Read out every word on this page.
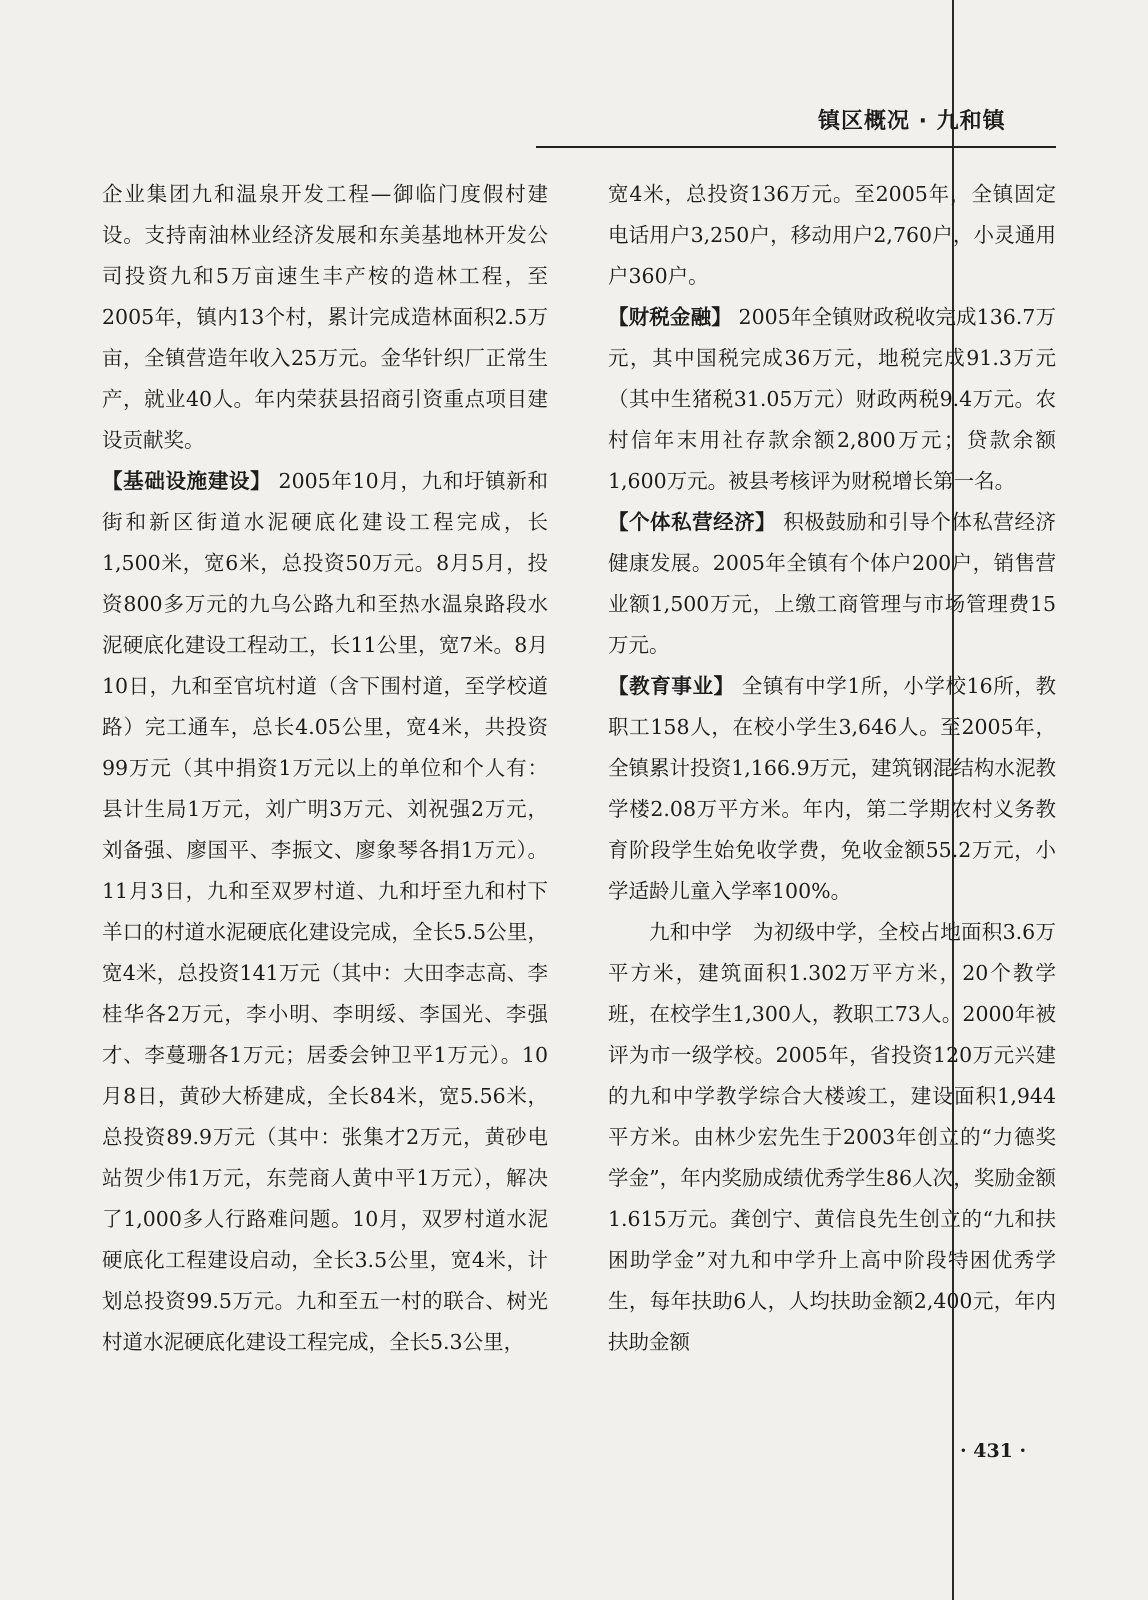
镇区概况 · 九和镇

企业集团九和温泉开发工程—御临门度假村建设。支持南油林业经济发展和东美基地林开发公司投资九和5万亩速生丰产桉的造林工程，至2005年，镇内13个村，累计完成造林面积2.5万亩，全镇营造年收入25万元。金华针织厂正常生产，就业40人。年内荣获县招商引资重点项目建设贡献奖。

【基础设施建设】 2005年10月，九和圩镇新和街和新区街道水泥硬底化建设工程完成，长1,500米，宽6米，总投资50万元。8月5月，投资800多万元的九乌公路九和至热水温泉路段水泥硬底化建设工程动工，长11公里，宽7米。8月10日，九和至官坑村道（含下围村道，至学校道路）完工通车，总长4.05公里，宽4米，共投资99万元（其中捐资1万元以上的单位和个人有：县计生局1万元，刘广明3万元、刘祝强2万元，刘备强、廖国平、李振文、廖象琴各捐1万元）。11月3日，九和至双罗村道、九和圩至九和村下羊口的村道水泥硬底化建设完成，全长5.5公里，宽4米，总投资141万元（其中：大田李志高、李桂华各2万元，李小明、李明绥、李国光、李强才、李蔓珊各1万元；居委会钟卫平1万元）。10月8日，黄砂大桥建成，全长84米，宽5.56米，总投资89.9万元（其中：张集才2万元，黄砂电站贺少伟1万元，东莞商人黄中平1万元），解决了1,000多人行路难问题。10月，双罗村道水泥硬底化工程建设启动，全长3.5公里，宽4米，计划总投资99.5万元。九和至五一村的联合、树光村道水泥硬底化建设工程完成，全长5.3公里，

宽4米，总投资136万元。至2005年，全镇固定电话用户3,250户，移动用户2,760户，小灵通用户360户。

【财税金融】 2005年全镇财政税收完成136.7万元，其中国税完成36万元，地税完成91.3万元（其中生猪税31.05万元）财政两税9.4万元。农村信年末用社存款余额2,800万元；贷款余额1,600万元。被县考核评为财税增长第一名。

【个体私营经济】 积极鼓励和引导个体私营经济健康发展。2005年全镇有个体户200户，销售营业额1,500万元，上缴工商管理与市场管理费15万元。

【教育事业】 全镇有中学1所，小学校16所，教职工158人，在校小学生3,646人。至2005年，全镇累计投资1,166.9万元，建筑钢混结构水泥教学楼2.08万平方米。年内，第二学期农村义务教育阶段学生始免收学费，免收金额55.2万元，小学适龄儿童入学率100%。

九和中学　为初级中学，全校占地面积3.6万平方米，建筑面积1.302万平方米，20个教学班，在校学生1,300人，教职工73人。2000年被评为市一级学校。2005年，省投资120万元兴建的九和中学教学综合大楼竣工，建设面积1,944平方米。由林少宏先生于2003年创立的“力德奖学金”，年内奖励成绩优秀学生86人次，奖励金额1.615万元。龚创宁、黄信良先生创立的“九和扶困助学金”对九和中学升上高中阶段特困优秀学生，每年扶助6人，人均扶助金额2,400元，年内扶助金额

· 431 ·
